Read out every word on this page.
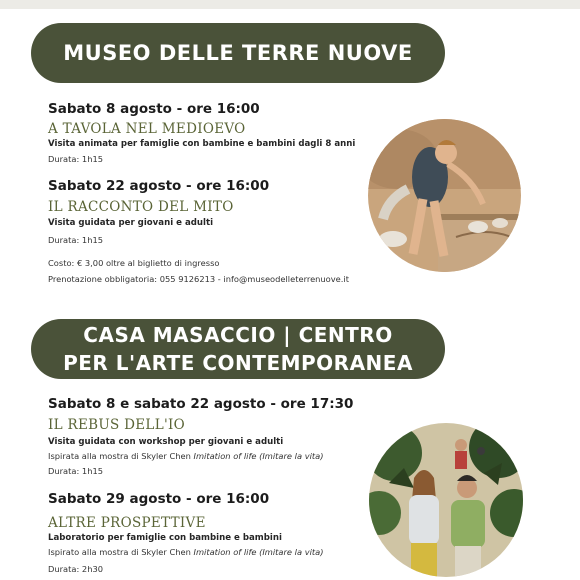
MUSEO DELLE TERRE NUOVE
Sabato 8 agosto - ore 16:00
A TAVOLA NEL MEDIOEVO
Visita animata per famiglie con bambine e bambini dagli 8 anni
Durata: 1h15
Sabato 22 agosto - ore 16:00
IL RACCONTO DEL MITO
Visita guidata per giovani e adulti
Durata: 1h15
Costo: € 3,00 oltre al biglietto di ingresso
Prenotazione obbligatoria: 055 9126213 - info@museodelleterrenuove.it
CASA MASACCIO | CENTRO
PER L'ARTE CONTEMPORANEA
Sabato 8 e sabato 22 agosto - ore 17:30
IL REBUS DELL'IO
Visita guidata con workshop per giovani e adulti
Ispirata alla mostra di Skyler Chen Imitation of life (Imitare la vita)
Durata: 1h15
Sabato 29 agosto - ore 16:00
ALTRE PROSPETTIVE
Laboratorio per famiglie con bambine e bambini
Ispirato alla mostra di Skyler Chen Imitation of life (Imitare la vita)
Durata: 2h30
